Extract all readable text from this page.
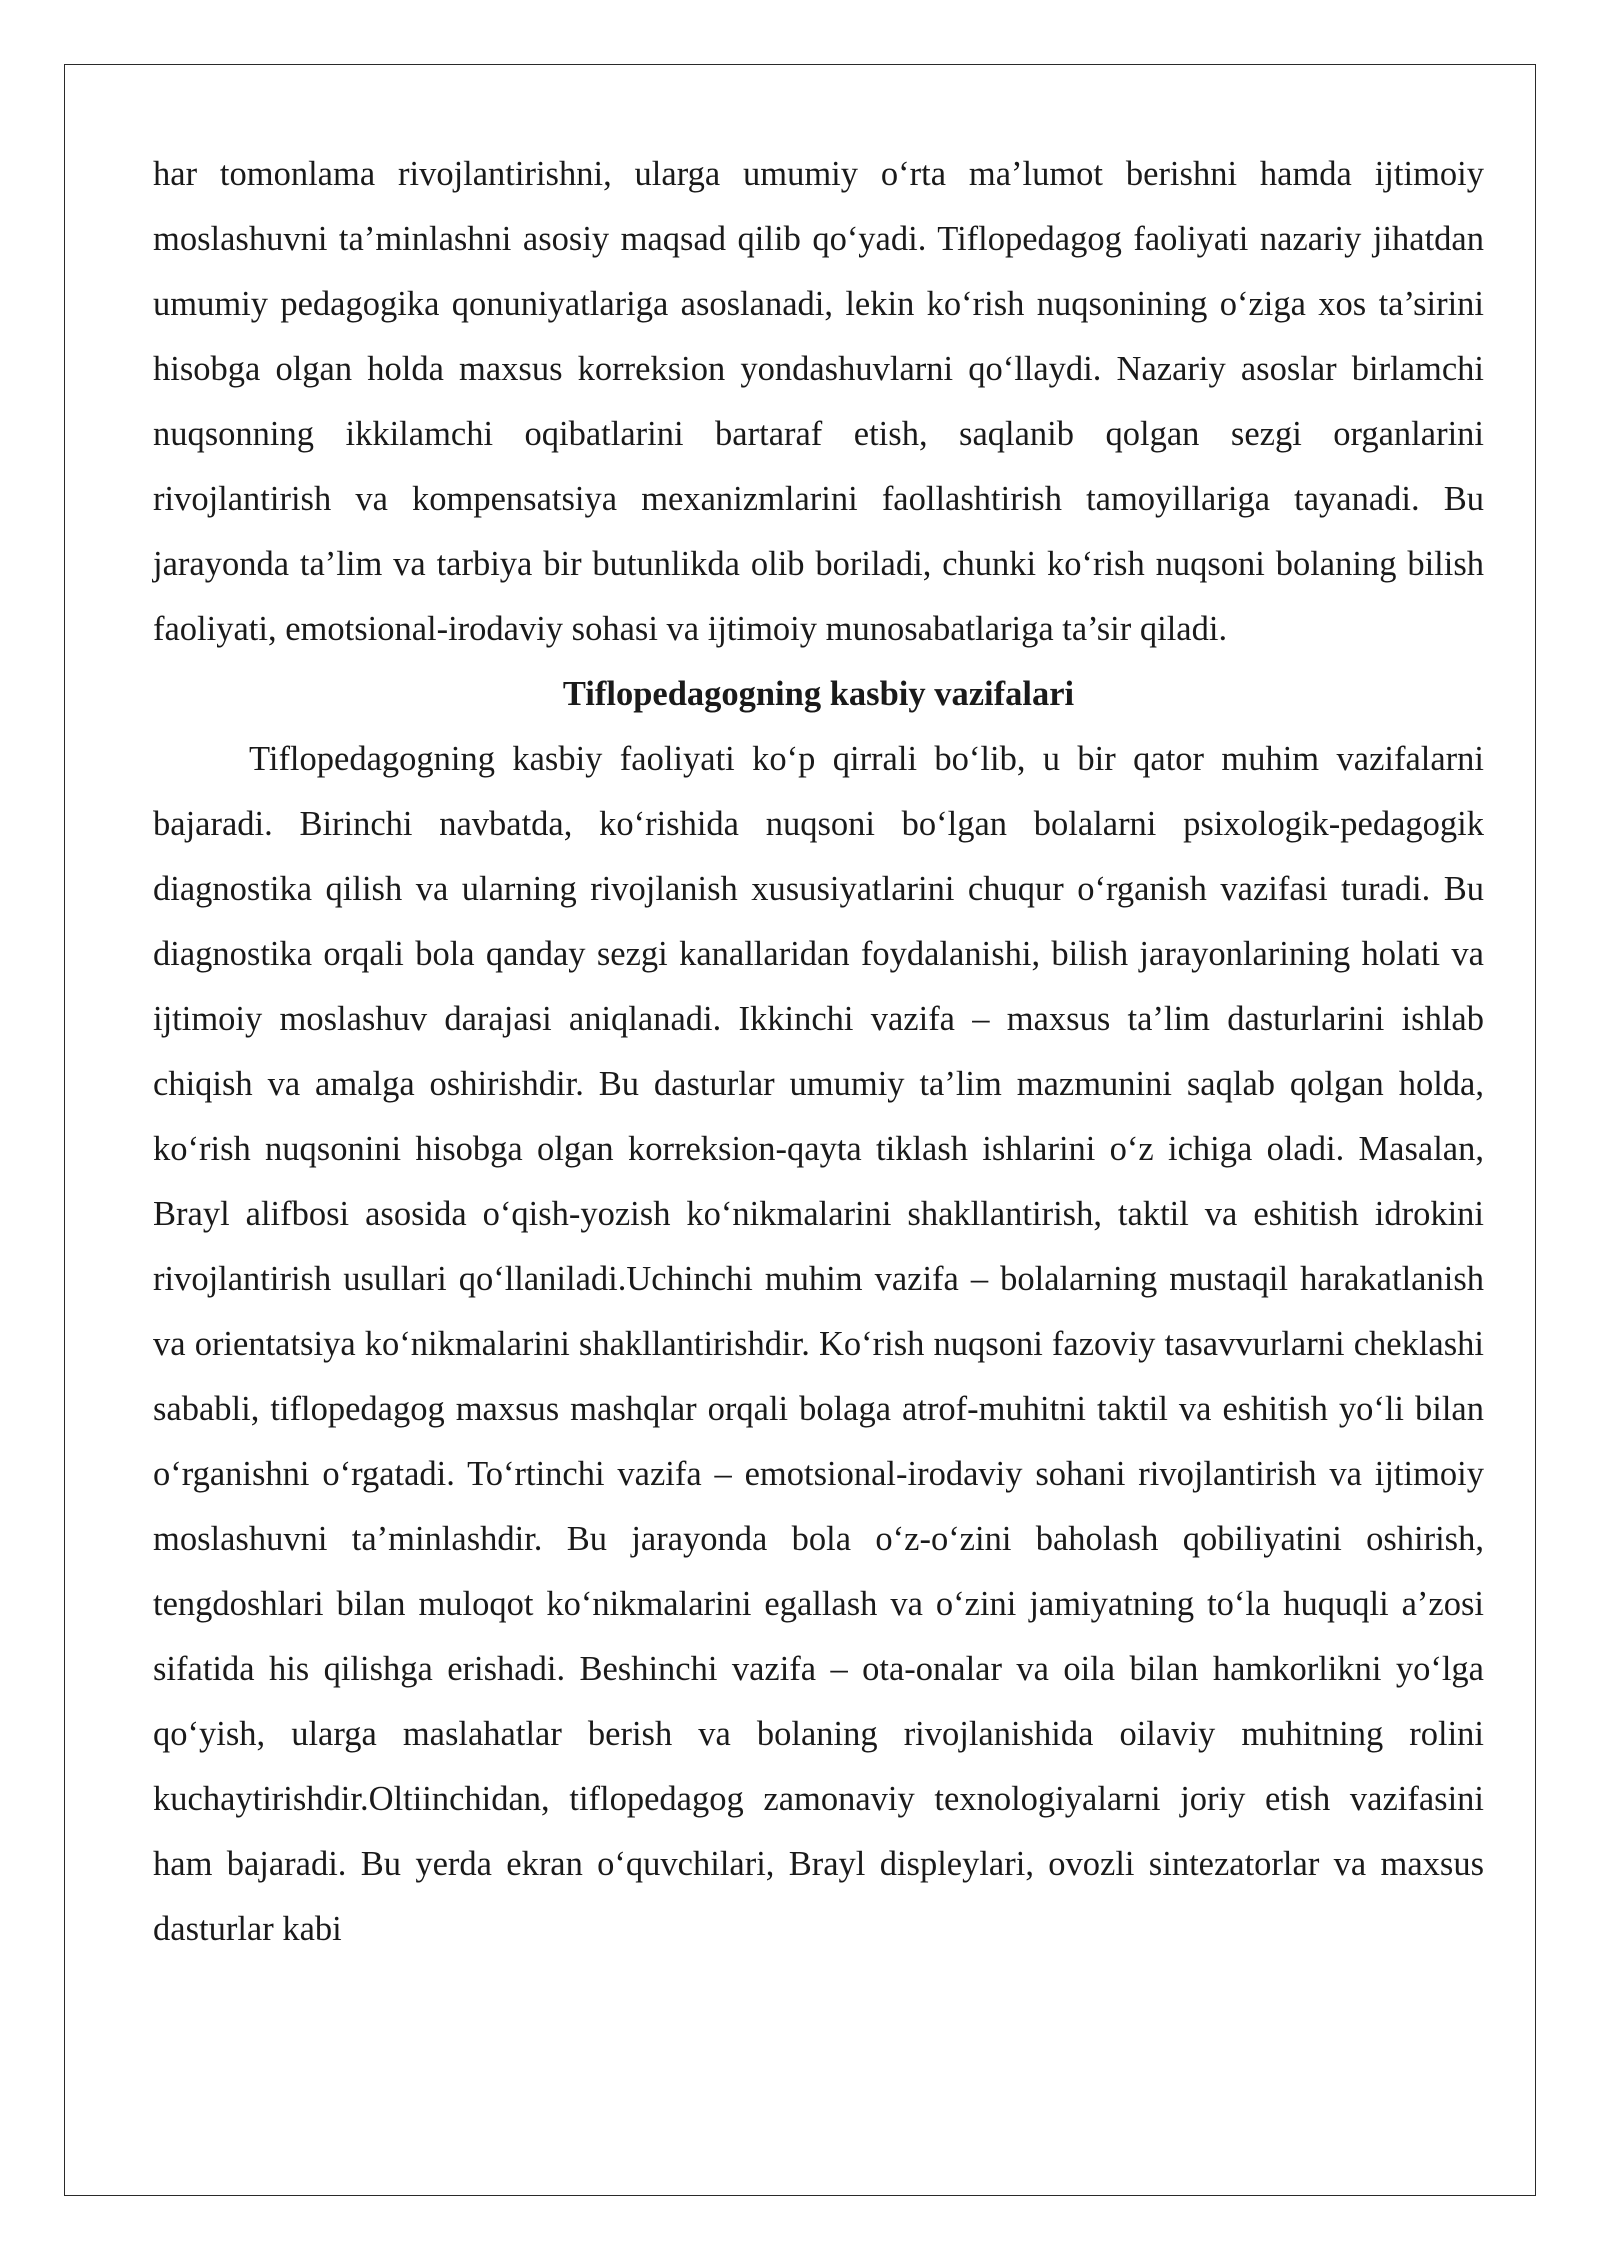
har tomonlama rivojlantirishni, ularga umumiy o‘rta ma’lumot berishni hamda ijtimoiy moslashuvni ta’minlashni asosiy maqsad qilib qo‘yadi. Tiflopedagog faoliyati nazariy jihatdan umumiy pedagogika qonuniyatlariga asoslanadi, lekin ko‘rish nuqsonining o‘ziga xos ta’sirini hisobga olgan holda maxsus korreksion yondashuvlarni qo‘llaydi. Nazariy asoslar birlamchi nuqsonning ikkilamchi oqibatlarini bartaraf etish, saqlanib qolgan sezgi organlarini rivojlantirish va kompensatsiya mexanizmlarini faollashtirish tamoyillariga tayanadi. Bu jarayonda ta’lim va tarbiya bir butunlikda olib boriladi, chunki ko‘rish nuqsoni bolaning bilish faoliyati, emotsional-irodaviy sohasi va ijtimoiy munosabatlariga ta’sir qiladi.

Tiflopedagogning kasbiy vazifalari

Tiflopedagogning kasbiy faoliyati ko‘p qirrali bo‘lib, u bir qator muhim vazifalarni bajaradi. Birinchi navbatda, ko‘rishida nuqsoni bo‘lgan bolalarni psixologik-pedagogik diagnostika qilish va ularning rivojlanish xususiyatlarini chuqur o‘rganish vazifasi turadi. Bu diagnostika orqali bola qanday sezgi kanallaridan foydalanishi, bilish jarayonlarining holati va ijtimoiy moslashuv darajasi aniqlanadi. Ikkinchi vazifa – maxsus ta’lim dasturlarini ishlab chiqish va amalga oshirishdir. Bu dasturlar umumiy ta’lim mazmunini saqlab qolgan holda, ko‘rish nuqsonini hisobga olgan korreksion-qayta tiklash ishlarini o‘z ichiga oladi. Masalan, Brayl alifbosi asosida o‘qish-yozish ko‘nikmalarini shakllantirish, taktil va eshitish idrokini rivojlantirish usullari qo‘llaniladi.Uchinchi muhim vazifa – bolalarning mustaqil harakatlanish va orientatsiya ko‘nikmalarini shakllantirishdir. Ko‘rish nuqsoni fazoviy tasavvurlarni cheklashi sababli, tiflopedagog maxsus mashqlar orqali bolaga atrof-muhitni taktil va eshitish yo‘li bilan o‘rganishni o‘rgatadi. To‘rtinchi vazifa – emotsional-irodaviy sohani rivojlantirish va ijtimoiy moslashuvni ta’minlashdir. Bu jarayonda bola o‘z-o‘zini baholash qobiliyatini oshirish, tengdoshlari bilan muloqot ko‘nikmalarini egallash va o‘zini jamiyatning to‘la huquqli a’zosi sifatida his qilishga erishadi. Beshinchi vazifa – ota-onalar va oila bilan hamkorlikni yo‘lga qo‘yish, ularga maslahatlar berish va bolaning rivojlanishida oilaviy muhitning rolini kuchaytirishdir.Oltiinchidan, tiflopedagog zamonaviy texnologiyalarni joriy etish vazifasini ham bajaradi. Bu yerda ekran o‘quvchilari, Brayl displeylari, ovozli sintezatorlar va maxsus dasturlar kabi
